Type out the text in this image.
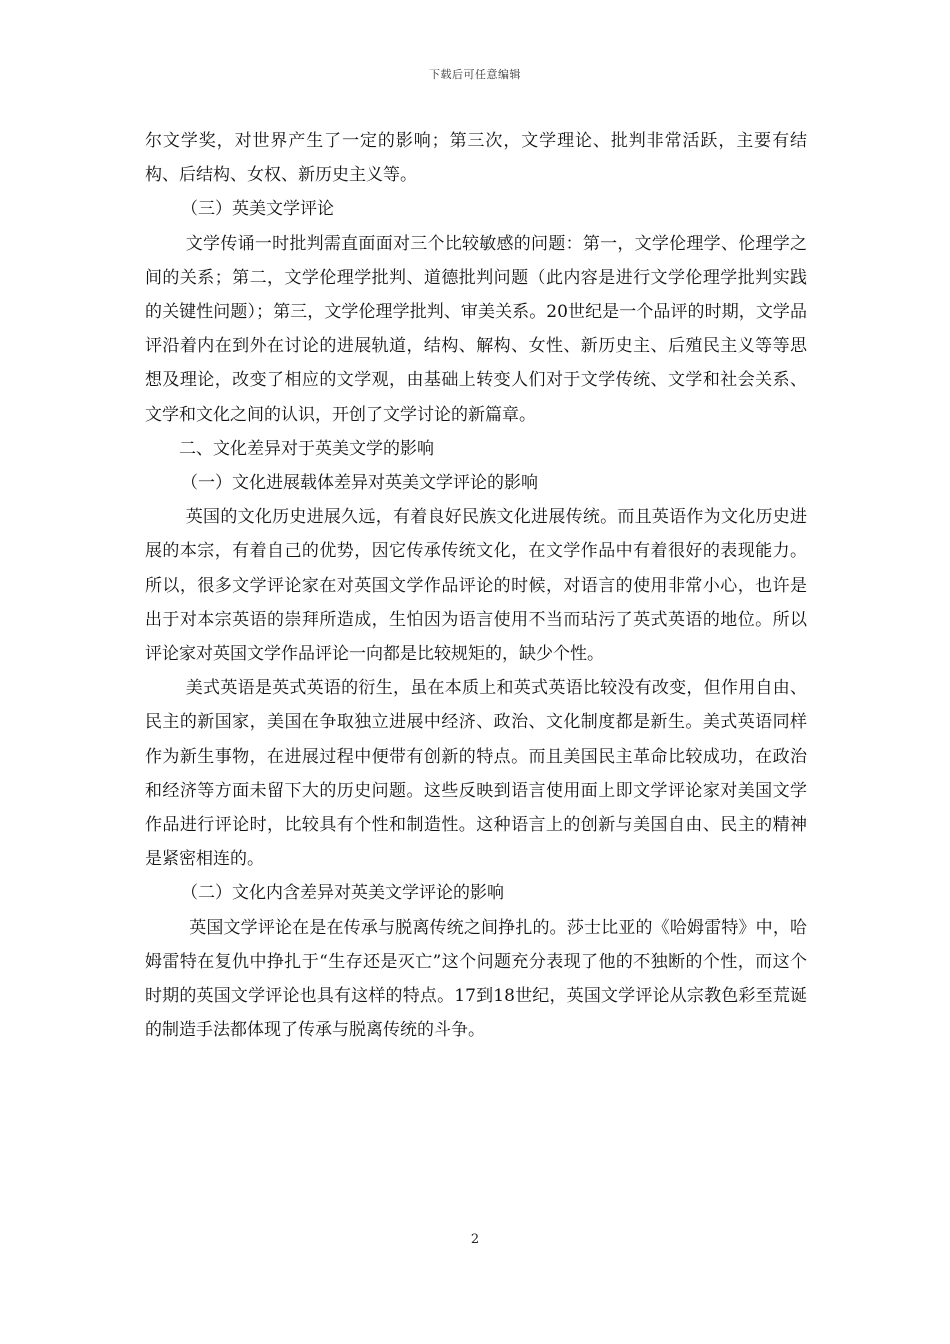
下载后可任意编辑

尔文学奖，对世界产生了一定的影响；第三次，文学理论、批判非常活跃，主要有结构、后结构、女权、新历史主义等。

（三）英美文学评论

文学传诵一时批判需直面面对三个比较敏感的问题：第一，文学伦理学、伦理学之间的关系；第二，文学伦理学批判、道德批判问题（此内容是进行文学伦理学批判实践的关键性问题）；第三，文学伦理学批判、审美关系。20世纪是一个品评的时期，文学品评沿着内在到外在讨论的进展轨道，结构、解构、女性、新历史主、后殖民主义等等思想及理论，改变了相应的文学观，由基础上转变人们对于文学传统、文学和社会关系、文学和文化之间的认识，开创了文学讨论的新篇章。

二、文化差异对于英美文学的影响

（一）文化进展载体差异对英美文学评论的影响

英国的文化历史进展久远，有着良好民族文化进展传统。而且英语作为文化历史进展的本宗，有着自己的优势，因它传承传统文化，在文学作品中有着很好的表现能力。所以，很多文学评论家在对英国文学作品评论的时候，对语言的使用非常小心，也许是出于对本宗英语的崇拜所造成，生怕因为语言使用不当而玷污了英式英语的地位。所以评论家对英国文学作品评论一向都是比较规矩的，缺少个性。

美式英语是英式英语的衍生，虽在本质上和英式英语比较没有改变，但作用自由、民主的新国家，美国在争取独立进展中经济、政治、文化制度都是新生。美式英语同样作为新生事物，在进展过程中便带有创新的特点。而且美国民主革命比较成功，在政治和经济等方面未留下大的历史问题。这些反映到语言使用面上即文学评论家对美国文学作品进行评论时，比较具有个性和制造性。这种语言上的创新与美国自由、民主的精神是紧密相连的。

（二）文化内含差异对英美文学评论的影响

英国文学评论在是在传承与脱离传统之间挣扎的。莎士比亚的《哈姆雷特》中，哈姆雷特在复仇中挣扎于“生存还是灭亡”这个问题充分表现了他的不独断的个性，而这个时期的英国文学评论也具有这样的特点。17到18世纪，英国文学评论从宗教色彩至荒诞的制造手法都体现了传承与脱离传统的斗争。

2
